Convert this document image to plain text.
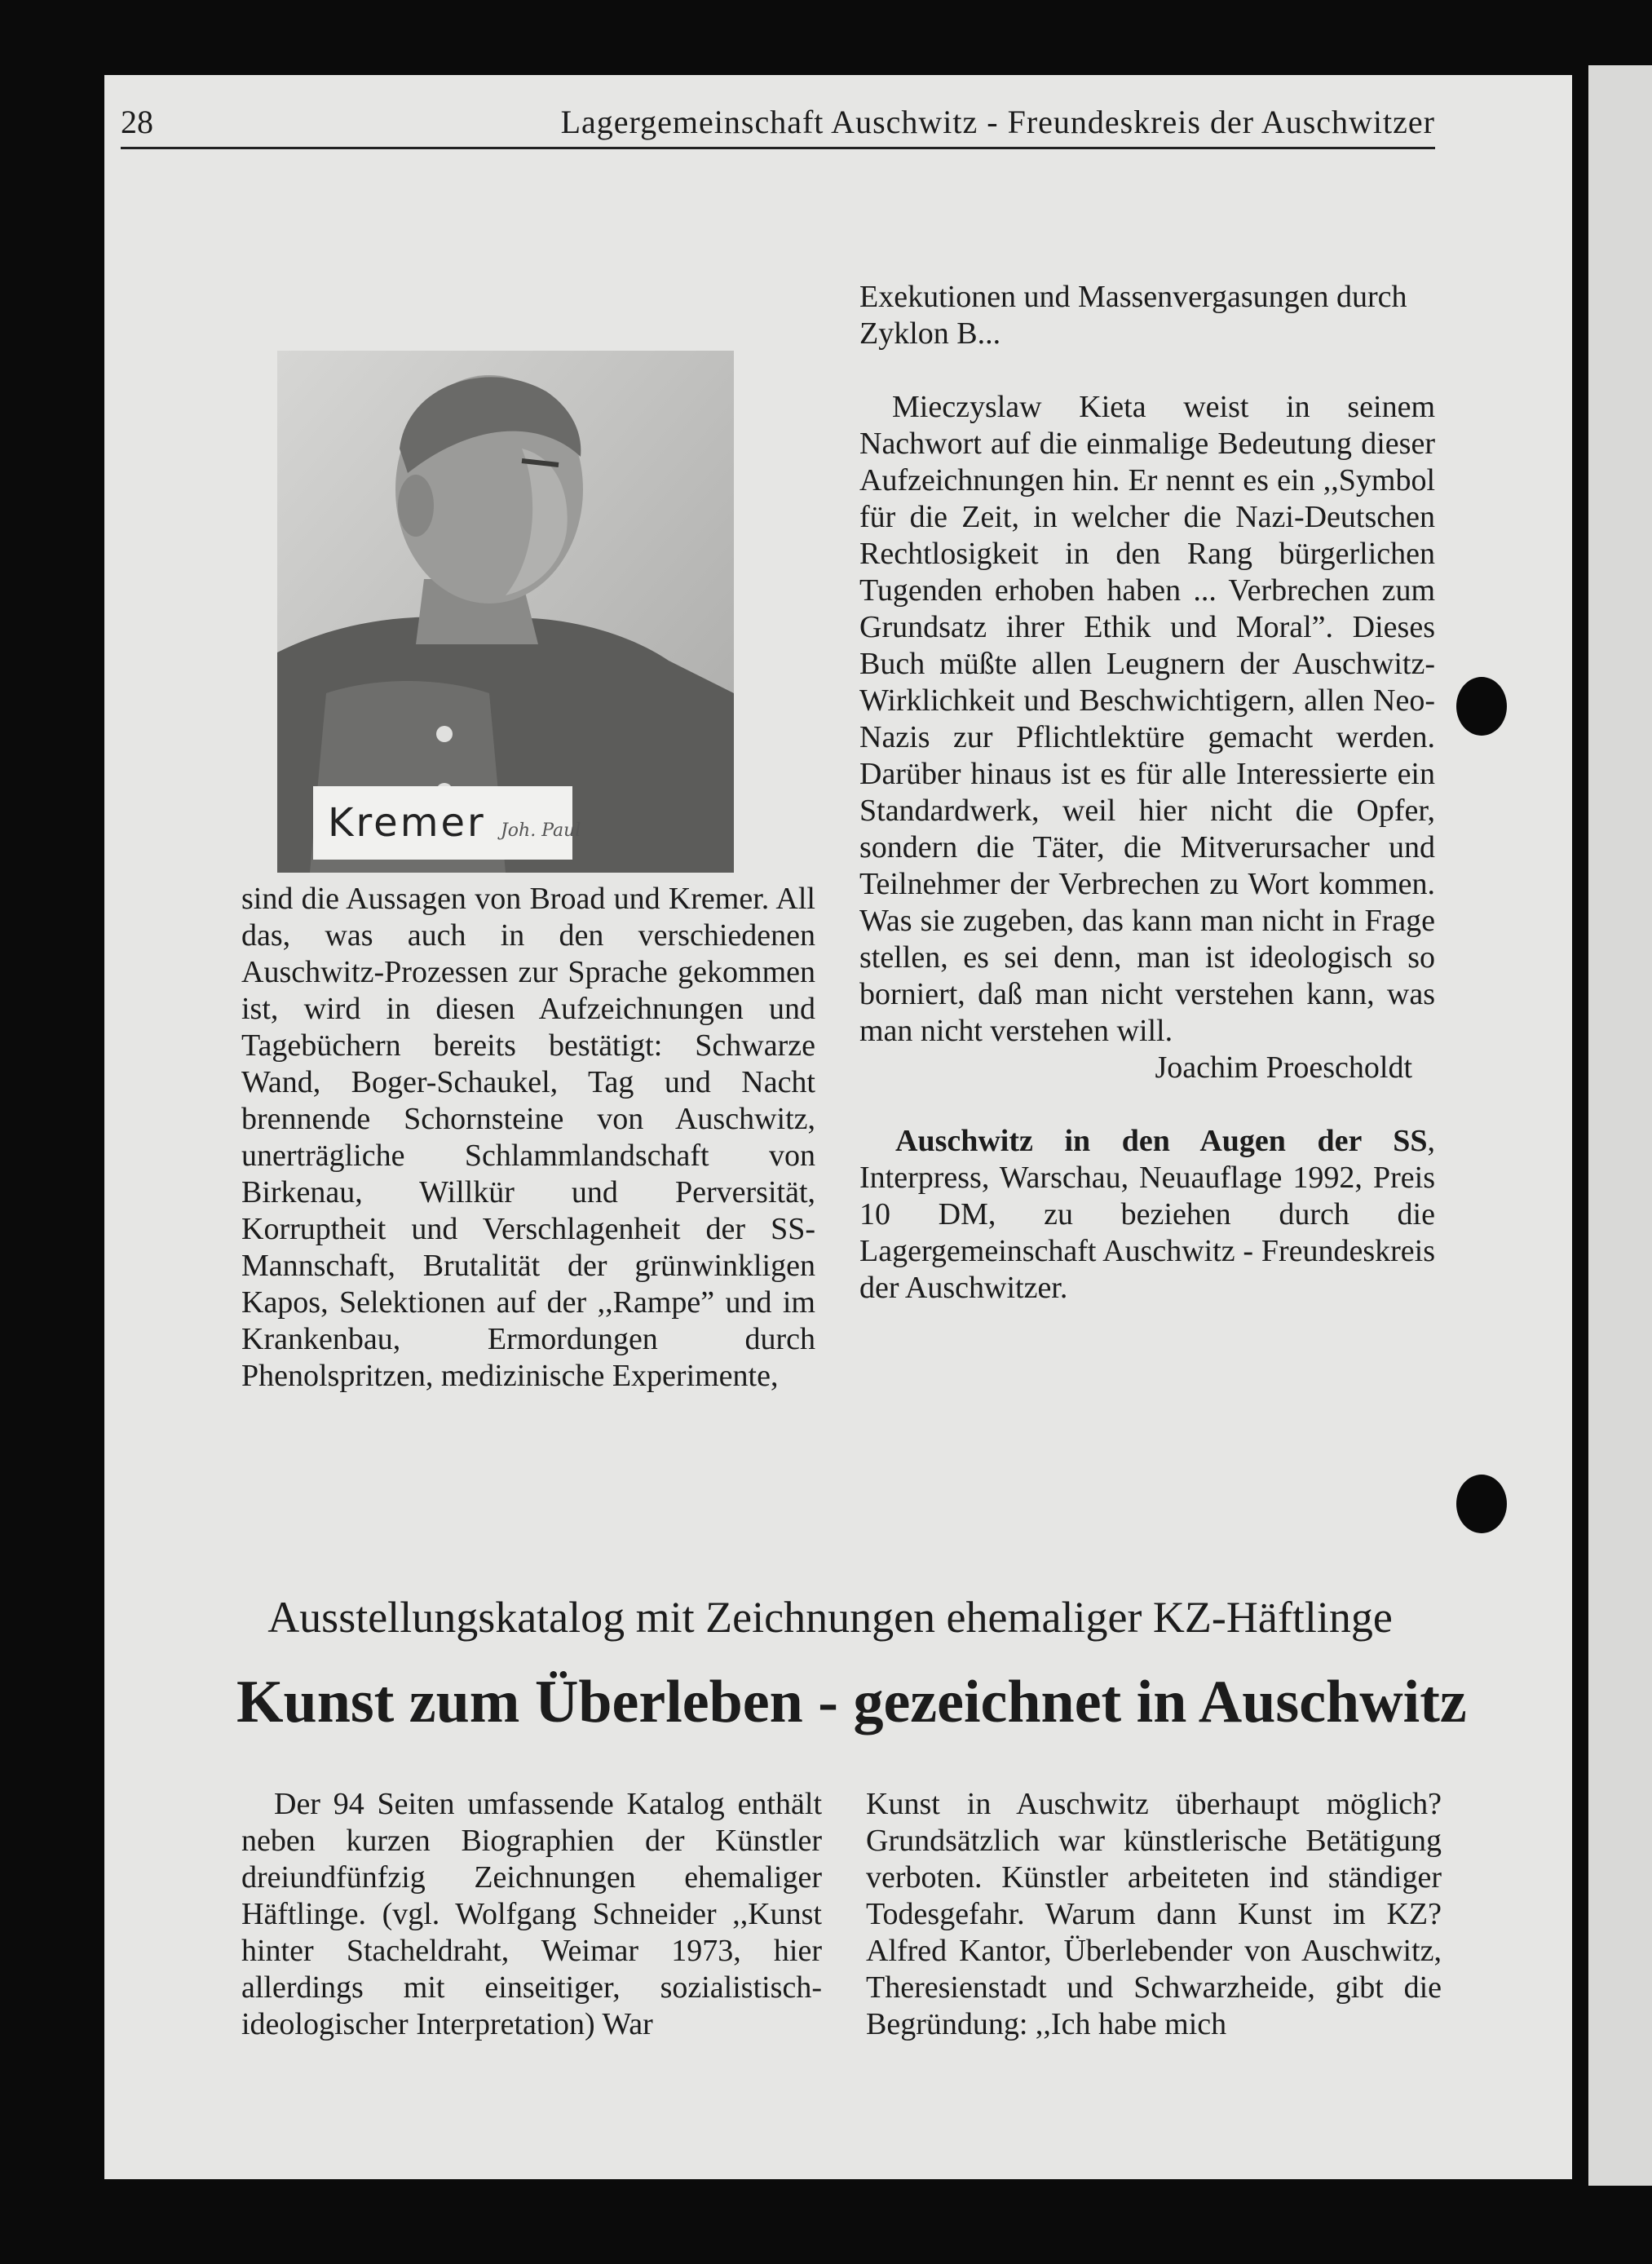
28	Lagergemeinschaft Auschwitz - Freundeskreis der Auschwitzer
Kremer Joh. Paul

sind die Aussagen von Broad und Kremer. All das, was auch in den verschiedenen Auschwitz-Prozessen zur Sprache gekommen ist, wird in diesen Aufzeichnungen und Tagebüchern bereits bestätigt: Schwarze Wand, Boger-Schaukel, Tag und Nacht brennende Schornsteine von Auschwitz, unerträgliche Schlammlandschaft von Birkenau, Willkür und Perversität, Korruptheit und Verschlagenheit der SS-Mannschaft, Brutalität der grünwinkligen Kapos, Selektionen auf der ,,Rampe” und im Krankenbau, Ermordungen durch Phenolspritzen, medizinische Experimente,

Exekutionen und Massenvergasungen durch Zyklon B...

Mieczyslaw Kieta weist in seinem Nachwort auf die einmalige Bedeutung dieser Aufzeichnungen hin. Er nennt es ein ,,Symbol für die Zeit, in welcher die Nazi-Deutschen Rechtlosigkeit in den Rang bürgerlichen Tugenden erhoben haben ... Verbrechen zum Grundsatz ihrer Ethik und Moral”. Dieses Buch müßte allen Leugnern der Auschwitz-Wirklichkeit und Beschwichtigern, allen Neo-Nazis zur Pflichtlektüre gemacht werden. Darüber hinaus ist es für alle Interessierte ein Standardwerk, weil hier nicht die Opfer, sondern die Täter, die Mitverursacher und Teilnehmer der Verbrechen zu Wort kommen. Was sie zugeben, das kann man nicht in Frage stellen, es sei denn, man ist ideologisch so borniert, daß man nicht verstehen kann, was man nicht verstehen will.

Joachim Proescholdt

Auschwitz in den Augen der SS, Interpress, Warschau, Neuauflage 1992, Preis 10 DM, zu beziehen durch die Lagergemeinschaft Auschwitz - Freundeskreis der Auschwitzer.

Ausstellungskatalog mit Zeichnungen ehemaliger KZ-Häftlinge
Kunst zum Überleben - gezeichnet in Auschwitz

Der 94 Seiten umfassende Katalog enthält neben kurzen Biographien der Künstler dreiundfünfzig Zeichnungen ehemaliger Häftlinge. (vgl. Wolfgang Schneider ,,Kunst hinter Stacheldraht, Weimar 1973, hier allerdings mit einseitiger, sozialistisch-ideologischer Interpretation) War

Kunst in Auschwitz überhaupt möglich? Grundsätzlich war künstlerische Betätigung verboten. Künstler arbeiteten ind ständiger Todesgefahr. Warum dann Kunst im KZ? Alfred Kantor, Überlebender von Auschwitz, Theresienstadt und Schwarzheide, gibt die Begründung: ,,Ich habe mich
